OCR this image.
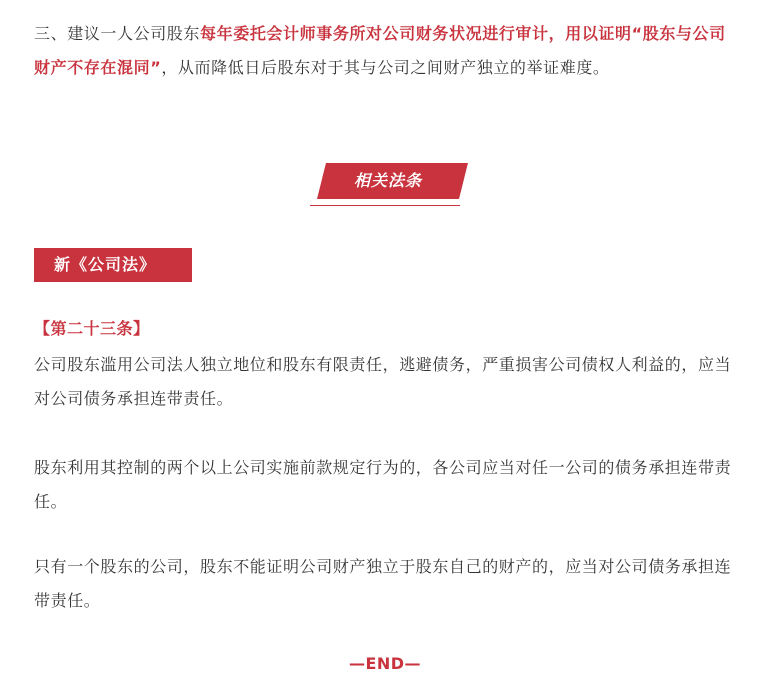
三、建议一人公司股东每年委托会计师事务所对公司财务状况进行审计，用以证明“股东与公司财产不存在混同”，从而降低日后股东对于其与公司之间财产独立的举证难度。

相关法条
新《公司法》
【第二十三条】

公司股东滥用公司法人独立地位和股东有限责任，逃避债务，严重损害公司债权人利益的，应当对公司债务承担连带责任。

股东利用其控制的两个以上公司实施前款规定行为的，各公司应当对任一公司的债务承担连带责任。

只有一个股东的公司，股东不能证明公司财产独立于股东自己的财产的，应当对公司债务承担连带责任。

—END—
